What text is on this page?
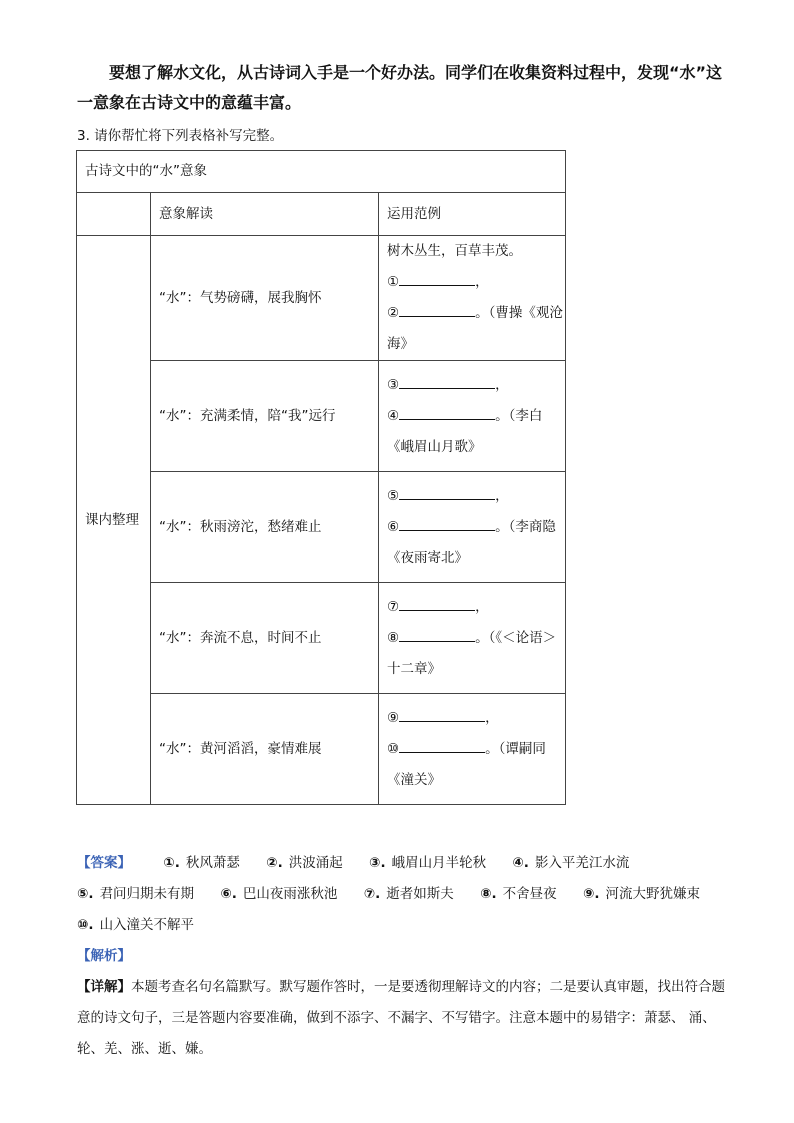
要想了解水文化，从古诗词入手是一个好办法。同学们在收集资料过程中，发现“水”这一意象在古诗文中的意蕴丰富。
3. 请你帮忙将下列表格补写完整。
古诗文中的“水”意象		
	意象解读	运用范例
课内整理	“水”：气势磅礴，展我胸怀	树木丛生，百草丰茂。
① ，
② 。（曹操《观沧
海》

	“水”：充满柔情，陪“我”远行	③ ，
④ 。（李白
《峨眉山月歌》

	“水”：秋雨滂沱，愁绪难止	⑤ ，
⑥ 。（李商隐
《夜雨寄北》

	“水”：奔流不息，时间不止	⑦ ，
⑧ 。（《＜论语＞
十二章》

	“水”：黄河滔滔，豪情难展	⑨ ，
⑩ 。（谭嗣同
《潼关》
【答案】 ①. 秋风萧瑟 ②. 洪波涌起 ③. 峨眉山月半轮秋 ④. 影入平羌江水流 ⑤. 君问归期未有期 ⑥. 巴山夜雨涨秋池 ⑦. 逝者如斯夫 ⑧. 不舍昼夜 ⑨. 河流大野犹嫌束 ⑩. 山入潼关不解平
【解析】
【详解】本题考查名句名篇默写。默写题作答时，一是要透彻理解诗文的内容；二是要认真审题，找出符合题意的诗文句子，三是答题内容要准确，做到不添字、不漏字、不写错字。注意本题中的易错字：萧瑟、 涌、轮、羌、涨、逝、嫌。
